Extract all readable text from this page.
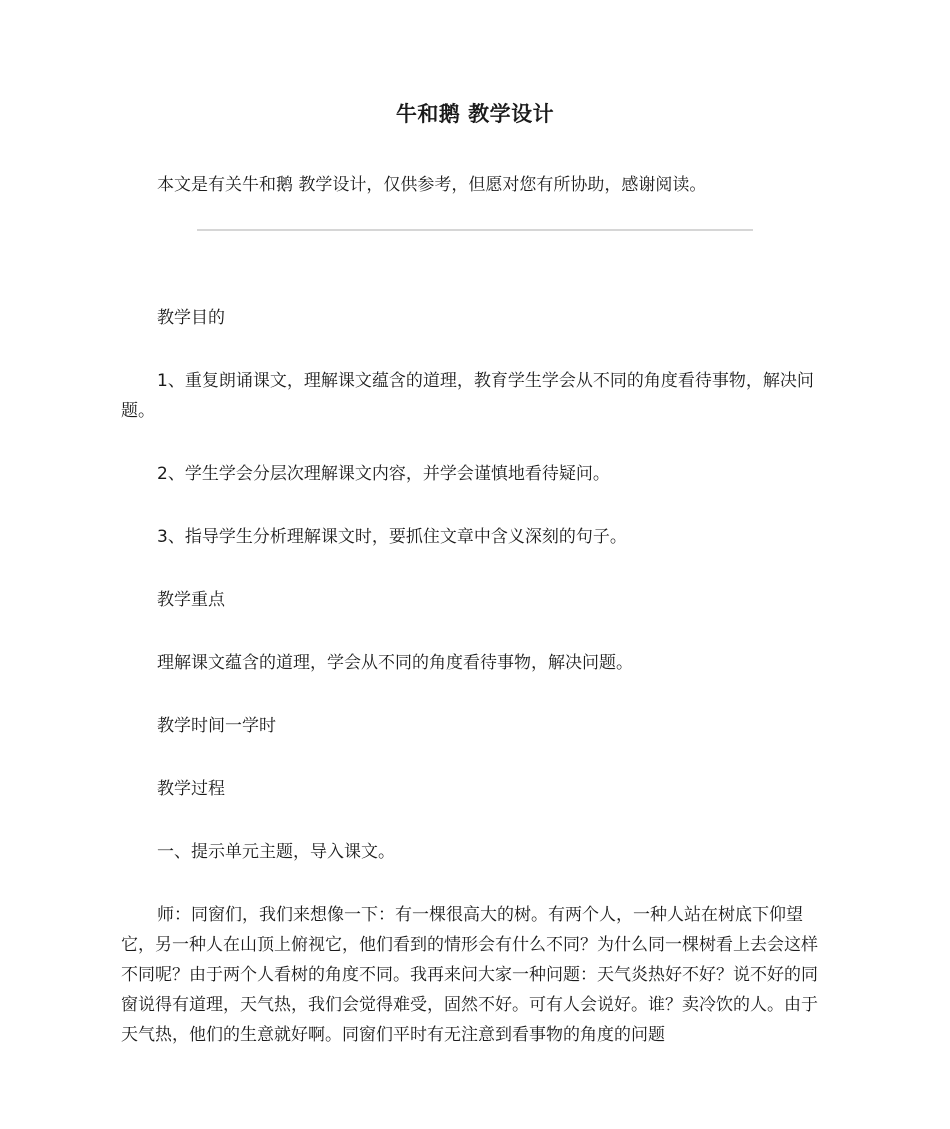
牛和鹅 教学设计
本文是有关牛和鹅 教学设计，仅供参考，但愿对您有所协助，感谢阅读。

教学目的

1、重复朗诵课文，理解课文蕴含的道理，教育学生学会从不同的角度看待事物，解决问题。

2、学生学会分层次理解课文内容，并学会谨慎地看待疑问。

3、指导学生分析理解课文时，要抓住文章中含义深刻的句子。

教学重点

理解课文蕴含的道理，学会从不同的角度看待事物，解决问题。

教学时间一学时

教学过程

一、提示单元主题，导入课文。

师：同窗们，我们来想像一下：有一棵很高大的树。有两个人，一种人站在树底下仰望它，另一种人在山顶上俯视它，他们看到的情形会有什么不同？为什么同一棵树看上去会这样不同呢？由于两个人看树的角度不同。我再来问大家一种问题：天气炎热好不好？说不好的同窗说得有道理，天气热，我们会觉得难受，固然不好。可有人会说好。谁？卖冷饮的人。由于天气热，他们的生意就好啊。同窗们平时有无注意到看事物的角度的问题
